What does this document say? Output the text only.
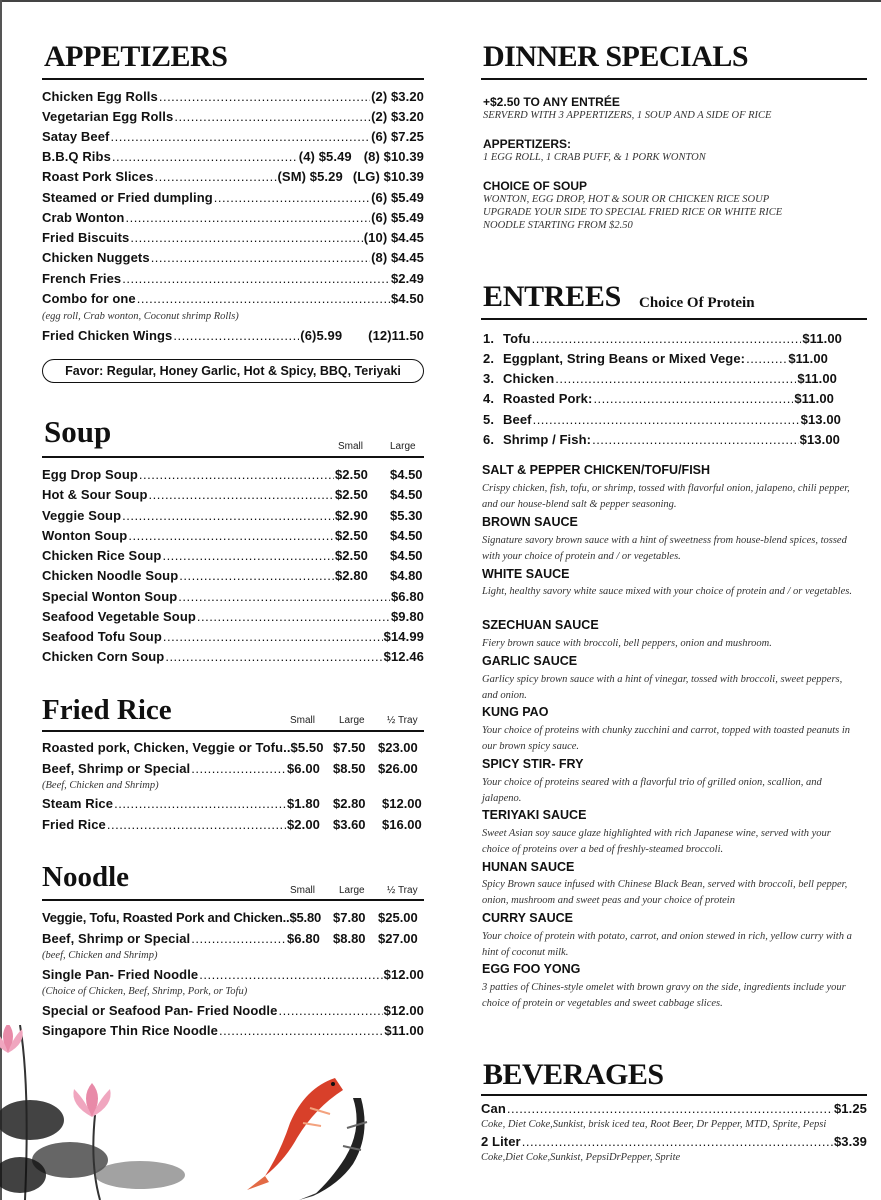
APPETIZERS
Chicken Egg Rolls .....	(2) $3.20
Vegetarian Egg Rolls .....	(2) $3.20
Satay Beef .....	(6) $7.25
B.B.Q Ribs .....	(4) $5.49 (8) $10.39
Roast Pork Slices .....	(SM) $5.29 (LG) $10.39
Steamed or Fried dumpling .....	(6) $5.49
Crab Wonton .....	(6) $5.49
Fried Biscuits .....	(10) $4.45
Chicken Nuggets .....	(8) $4.45
French Fries .....	$2.49
Combo for one .....	$4.50
(egg roll, Crab wonton, Coconut shrimp Rolls)
Fried Chicken Wings .....	(6)5.99 (12)11.50
Favor: Regular, Honey Garlic, Hot & Spicy, BBQ, Teriyaki
Soup	Small	Large
Egg Drop Soup .....	$2.50 $4.50
Hot & Sour Soup .....	$2.50 $4.50
Veggie Soup .....	$2.90 $5.30
Wonton Soup .....	$2.50 $4.50
Chicken Rice Soup .....	$2.50 $4.50
Chicken Noodle Soup .....	$2.80 $4.80
Special Wonton Soup .....	$6.80
Seafood Vegetable Soup .....	$9.80
Seafood Tofu Soup .....	$14.99
Chicken Corn Soup .....	$12.46
Fried Rice	Small Large ½ Tray
Roasted pork, Chicken, Veggie or Tofu.. $5.50 $7.50 $23.00
Beef, Shrimp or Special .....	$6.00 $8.50 $26.00
(Beef, Chicken and Shrimp)
Steam Rice .....	$1.80 $2.80 $12.00
Fried Rice .....	$2.00 $3.60 $16.00
Noodle	Small Large ½ Tray
Veggie, Tofu, Roasted Pork and Chicken.. $5.80 $7.80 $25.00
Beef, Shrimp or Special .....	$6.80 $8.80 $27.00
(beef, Chicken and Shrimp)
Single Pan- Fried Noodle .....	$12.00
(Choice of Chicken, Beef, Shrimp, Pork, or Tofu)
Special or Seafood Pan- Fried Noodle .....	$12.00
Singapore Thin Rice Noodle .....	$11.00
DINNER SPECIALS
+$2.50 TO ANY ENTRÉE
SERVERD WITH 3 APPERTIZERS, 1 SOUP AND A SIDE OF RICE
APPERTIZERS:
1 EGG ROLL, 1 CRAB PUFF, & 1 PORK WONTON
CHOICE OF SOUP
WONTON, EGG DROP, HOT & SOUR OR CHICKEN RICE SOUP
UPGRADE YOUR SIDE TO SPECIAL FRIED RICE OR WHITE RICE
NOODLE STARTING FROM $2.50
ENTREES Choice Of Protein
1. Tofu .....	$11.00
2. Eggplant, String Beans or Mixed Vege: .....	$11.00
3. Chicken .....	$11.00
4. Roasted Pork: .....	$11.00
5. Beef .....	$13.00
6. Shrimp / Fish: .....	$13.00
SALT & PEPPER CHICKEN/TOFU/FISH
Crispy chicken, fish, tofu, or shrimp, tossed with flavorful onion, jalapeno, chili pepper, and our house-blend salt & pepper seasoning.
BROWN SAUCE
Signature savory brown sauce with a hint of sweetness from house-blend spices, tossed with your choice of protein and / or vegetables.
WHITE SAUCE
Light, healthy savory white sauce mixed with your choice of protein and / or vegetables.
SZECHUAN SAUCE
Fiery brown sauce with broccoli, bell peppers, onion and mushroom.
GARLIC SAUCE
Garlicy spicy brown sauce with a hint of vinegar, tossed with broccoli, sweet peppers, and onion.
KUNG PAO
Your choice of proteins with chunky zucchini and carrot, topped with toasted peanuts in our brown spicy sauce.
SPICY STIR- FRY
Your choice of proteins seared with a flavorful trio of grilled onion, scallion, and jalapeno.
TERIYAKI SAUCE
Sweet Asian soy sauce glaze highlighted with rich Japanese wine, served with your choice of proteins over a bed of freshly-steamed broccoli.
HUNAN SAUCE
Spicy Brown sauce infused with Chinese Black Bean, served with broccoli, bell pepper, onion, mushroom and sweet peas and your choice of protein
CURRY SAUCE
Your choice of protein with potato, carrot, and onion stewed in rich, yellow curry with a hint of coconut milk.
EGG FOO YONG
3 patties of Chines-style omelet with brown gravy on the side, ingredients include your choice of protein or vegetables and sweet cabbage slices.
BEVERAGES
Can .....	$1.25
Coke, Diet Coke,Sunkist, brisk iced tea, Root Beer, Dr Pepper, MTD, Sprite, Pepsi
2 Liter .....	$3.39
Coke,Diet Coke,Sunkist, PepsiDrPepper, Sprite
